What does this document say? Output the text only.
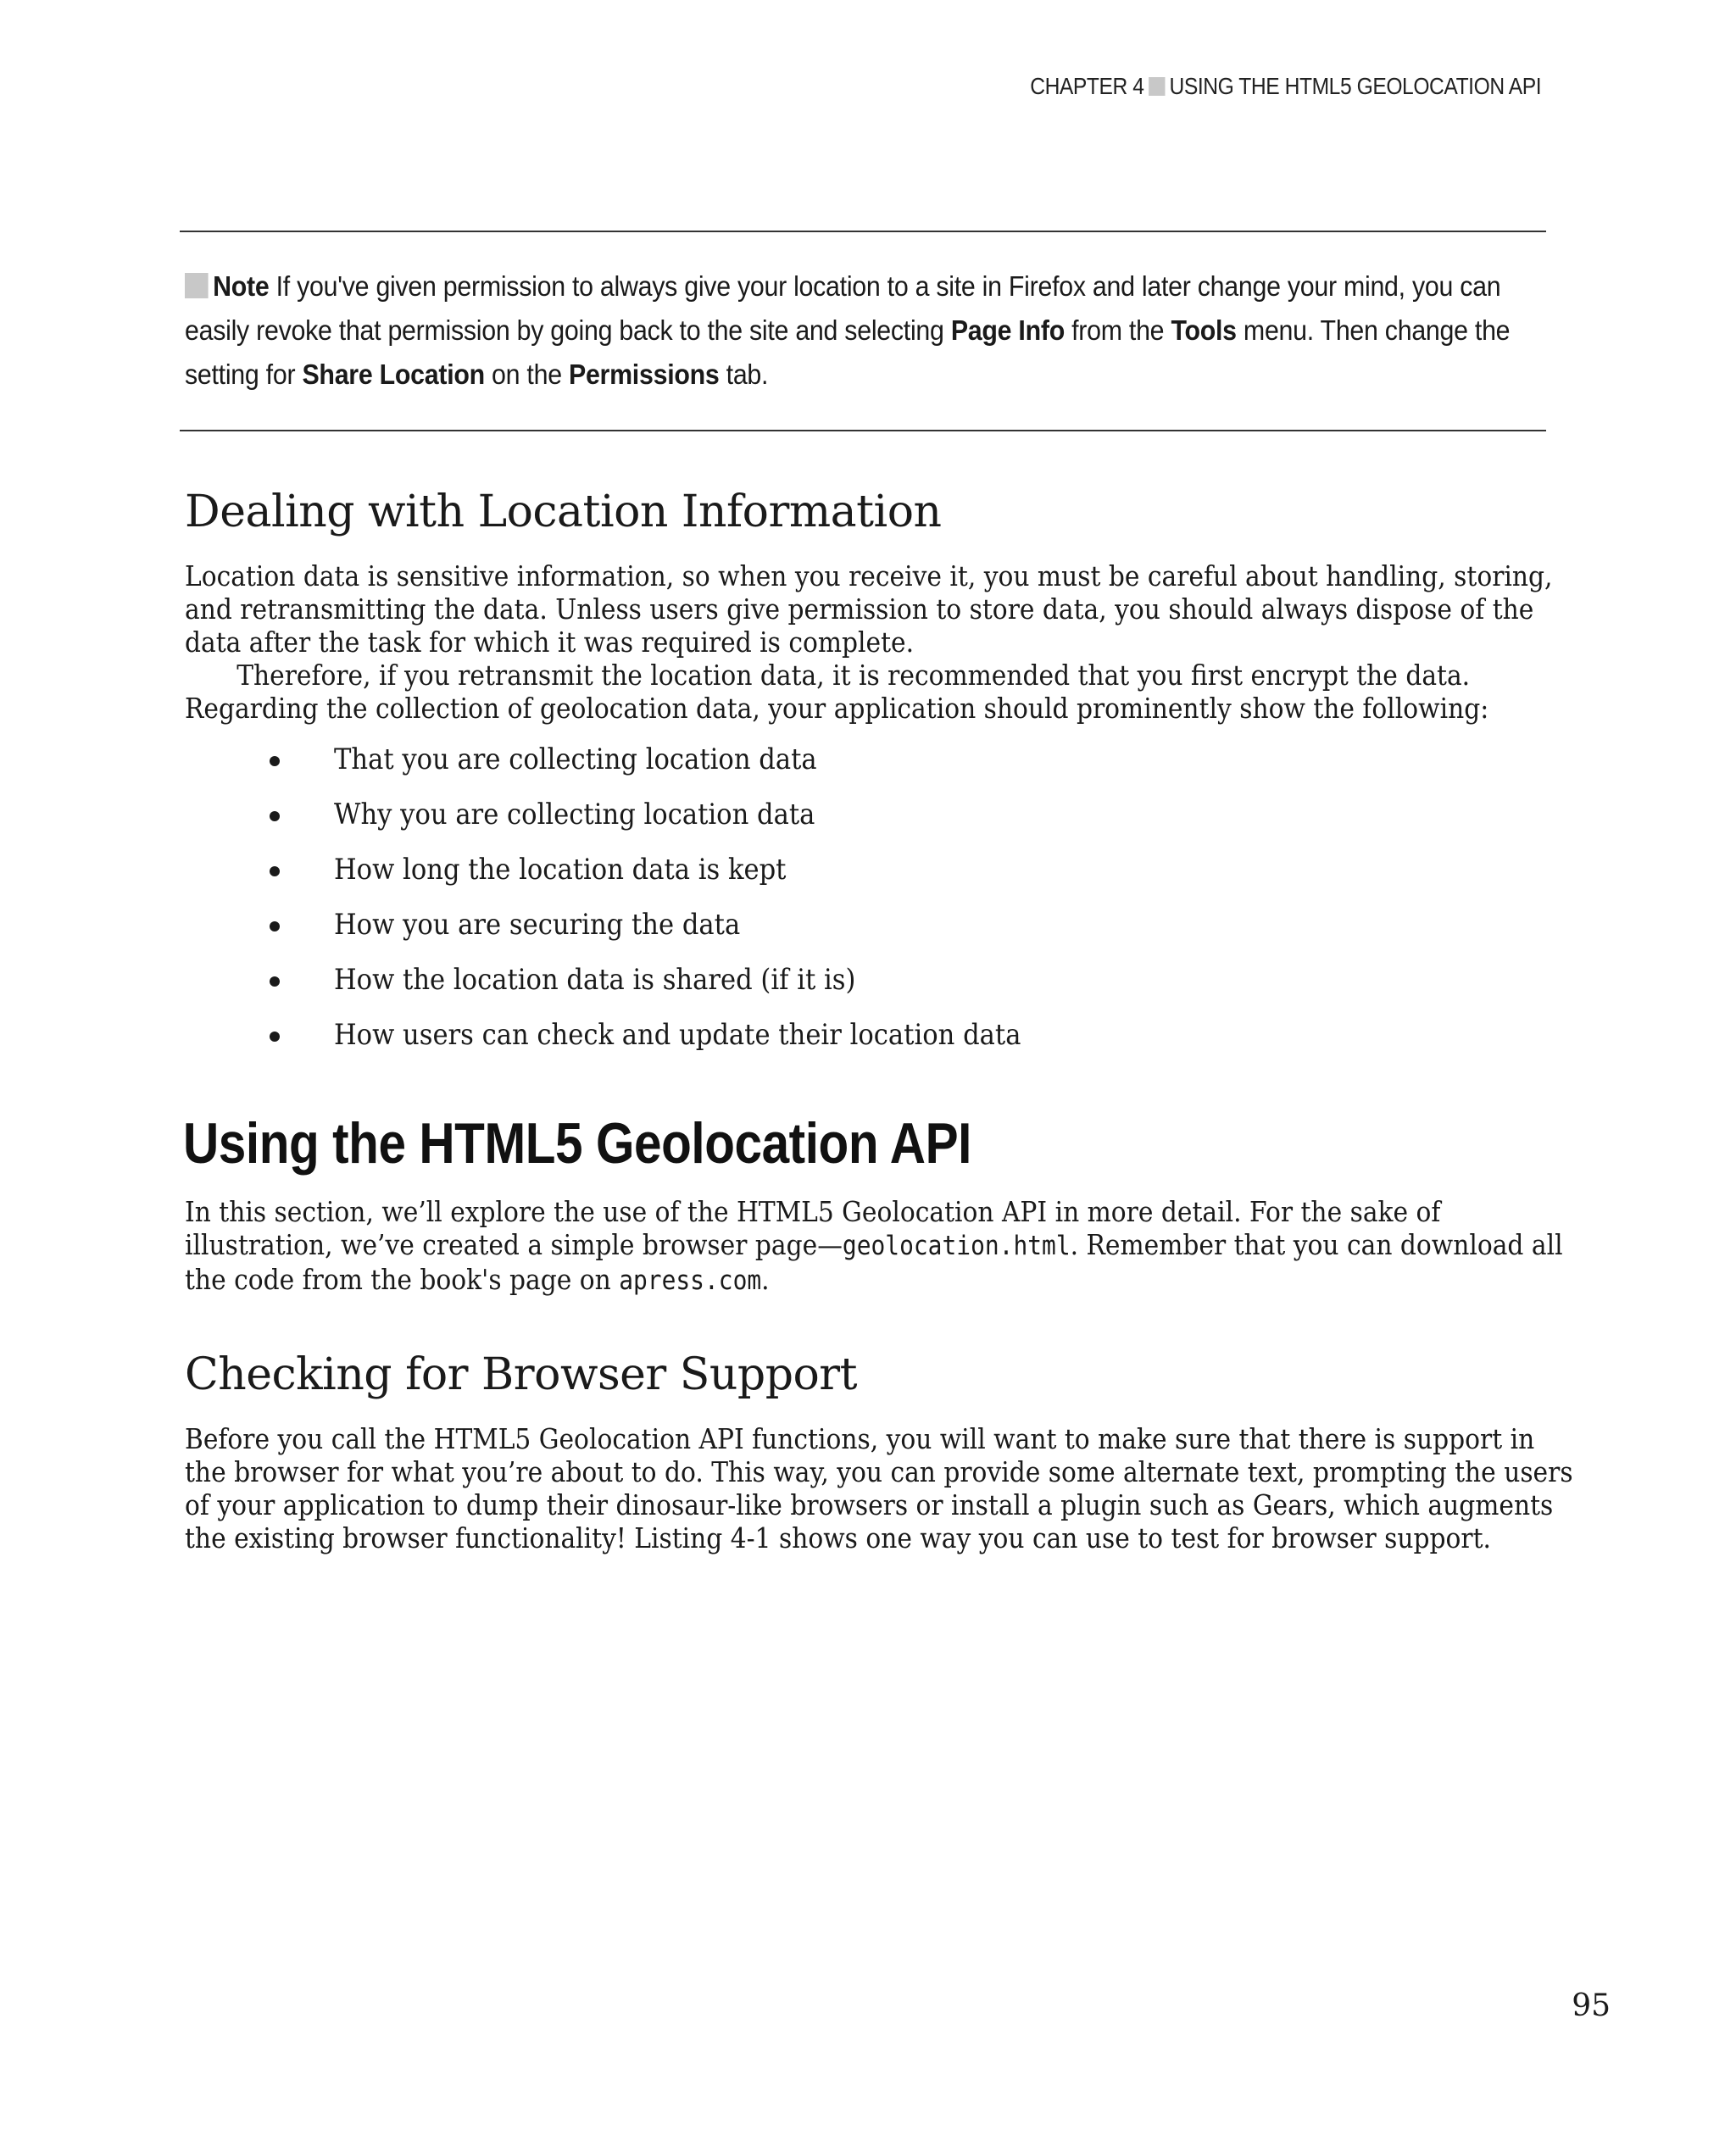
CHAPTER 4 USING THE HTML5 GEOLOCATION API
Note If you've given permission to always give your location to a site in Firefox and later change your mind, you can easily revoke that permission by going back to the site and selecting Page Info from the Tools menu. Then change the setting for Share Location on the Permissions tab.
Dealing with Location Information
Location data is sensitive information, so when you receive it, you must be careful about handling, storing, and retransmitting the data. Unless users give permission to store data, you should always dispose of the data after the task for which it was required is complete.
Therefore, if you retransmit the location data, it is recommended that you first encrypt the data. Regarding the collection of geolocation data, your application should prominently show the following:
That you are collecting location data
Why you are collecting location data
How long the location data is kept
How you are securing the data
How the location data is shared (if it is)
How users can check and update their location data
Using the HTML5 Geolocation API
In this section, we’ll explore the use of the HTML5 Geolocation API in more detail. For the sake of illustration, we’ve created a simple browser page—geolocation.html. Remember that you can download all the code from the book's page on apress.com.
Checking for Browser Support
Before you call the HTML5 Geolocation API functions, you will want to make sure that there is support in the browser for what you’re about to do. This way, you can provide some alternate text, prompting the users of your application to dump their dinosaur-like browsers or install a plugin such as Gears, which augments the existing browser functionality! Listing 4-1 shows one way you can use to test for browser support.
95
